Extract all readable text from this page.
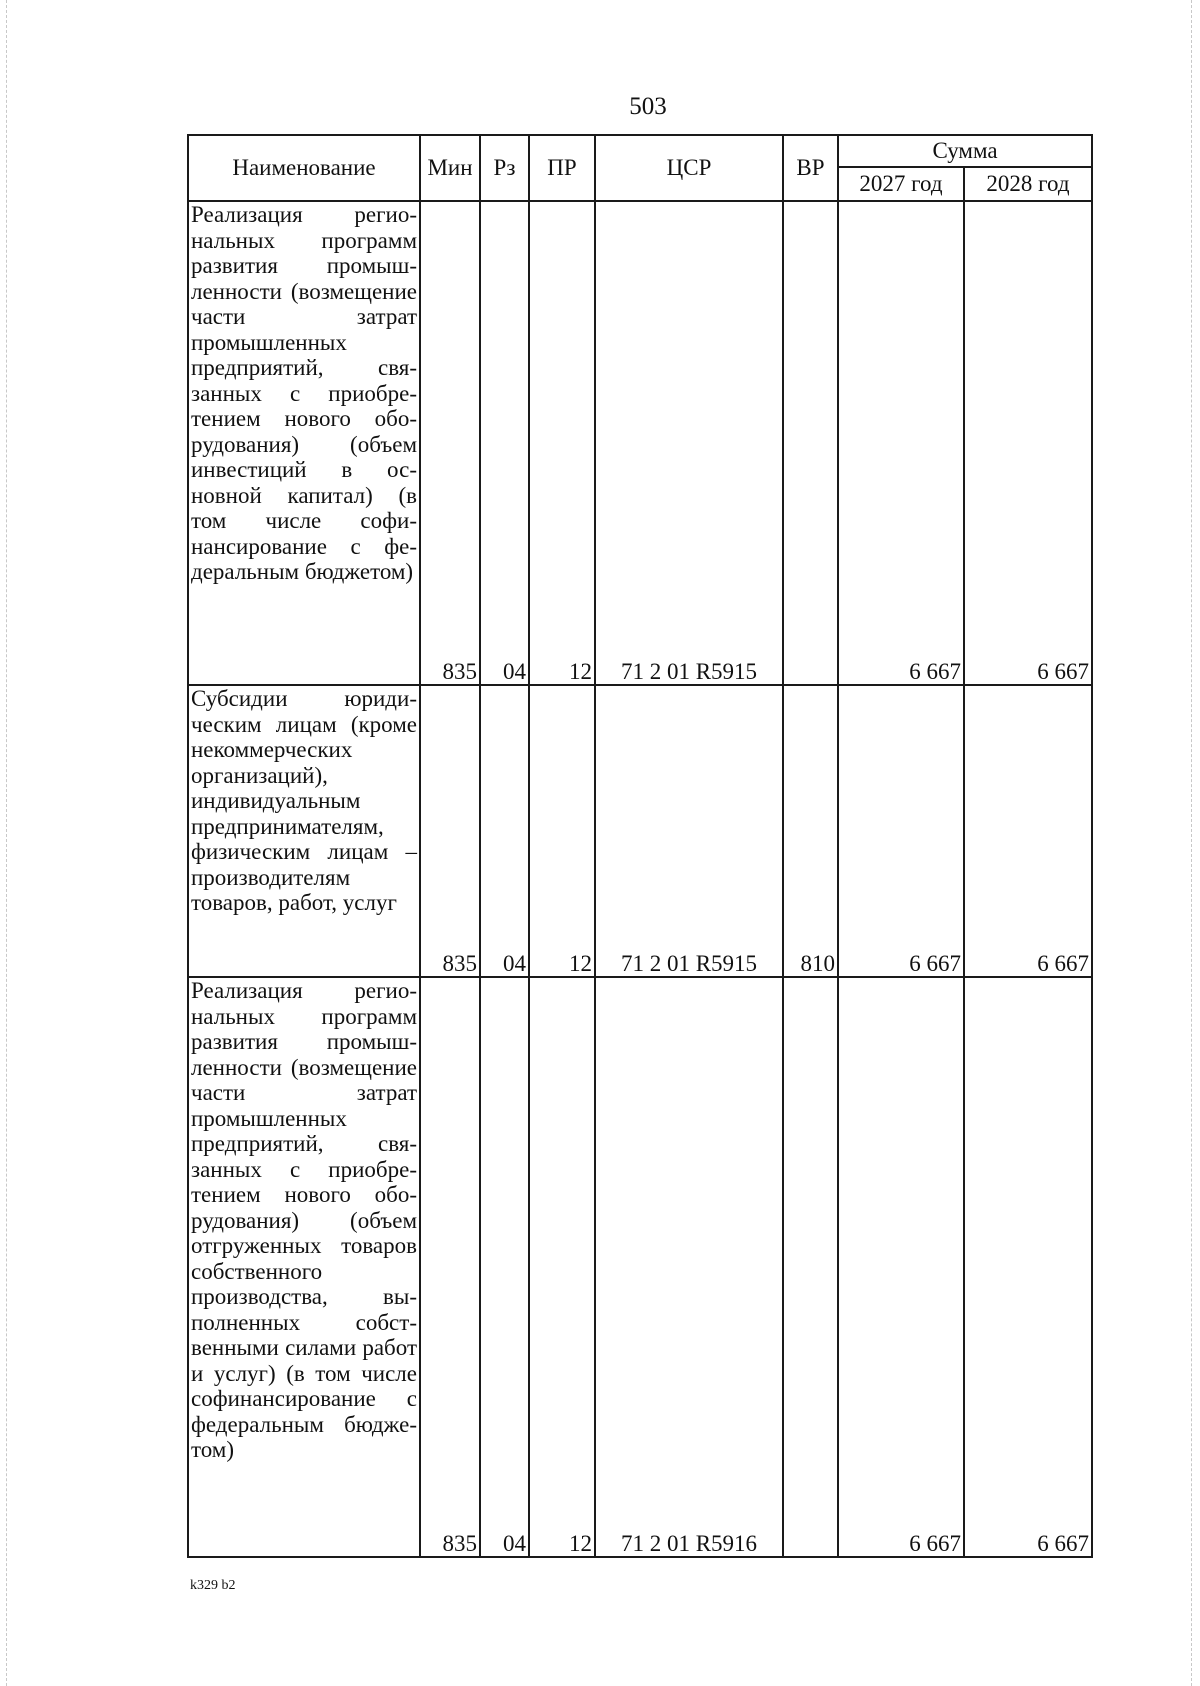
503
Наименование	Мин	Рз	ПР	ЦСР	ВР	Сумма	
						2027 год	2028 год
Реализация региональных программ развития промышленности (возмещение части затрат промышленных предприятий, связанных с приобретением нового оборудования) (объем инвестиций в основной капитал) (в том числе софинансирование с федеральным бюджетом)	835	04	12	71 2 01 R5915		6 667	6 667
Субсидии юридическим лицам (кроме некоммерческих организаций), индивидуальным предпринимателям, физическим лицам – производителям товаров, работ, услуг	835	04	12	71 2 01 R5915	810	6 667	6 667
Реализация региональных программ развития промышленности (возмещение части затрат промышленных предприятий, связанных с приобретением нового оборудования) (объем отгруженных товаров собственного производства, выполненных собственными силами работ и услуг) (в том числе софинансирование с федеральным бюджетом)	835	04	12	71 2 01 R5916		6 667	6 667
k329 b2
